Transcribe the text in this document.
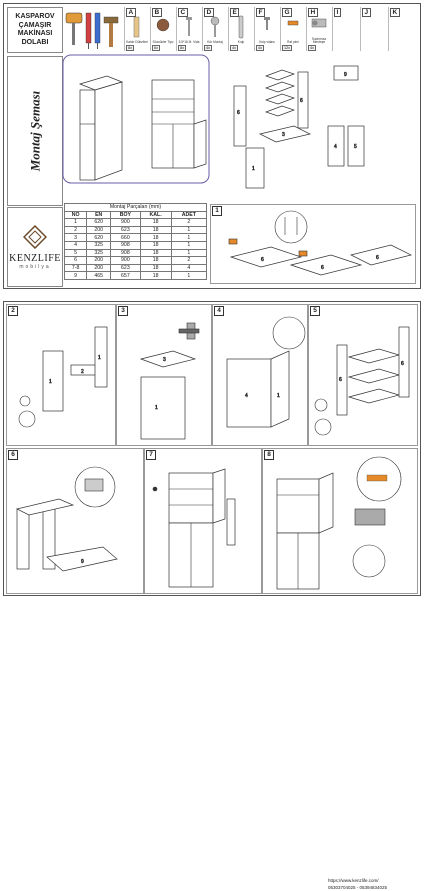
KASPAROV
ÇAMAŞIR
MAKİNASI
DOLABI
A
Kaldır Dübelleri
8x
B
Sözcükler Tipo
6x
C
3,5*16 M. Vida
8x
D
Kör Montaj
4x
E
Kulp
4x
F
Kulp vidası
4x
G
Raf pimi
12x
H
Sızdırmaz Menteşe
4x
I	J	K
Montaj Şeması	6
6
3
1
9
4	5
KENZLIFE
mobilya
Montaj Parçaları (mm)				
NO	EN	BOY	KAL.	ADET
1	620	900	18	2
2	200	623	18	1
3	620	660	18	1
4	325	908	18	1
5	325	908	18	1
6	200	900	18	2
7-8	200	623	18	4
9	465	657	18	1
1
6
6
6
2
1
2
1
3
3
1
4
4	1
5
6
6
6
9
7	8
https://www.kenzlife.com/
05303704025 - 05394834025
